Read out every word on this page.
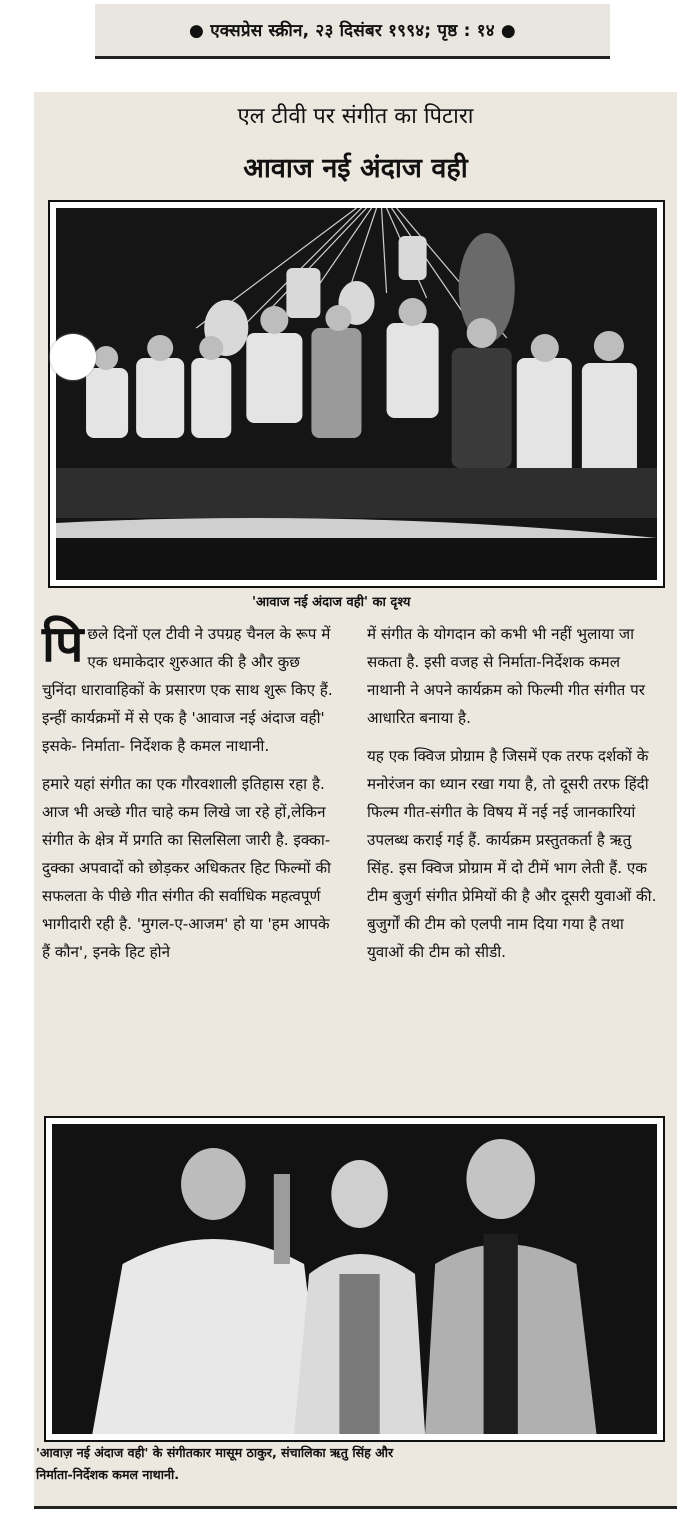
● एक्सप्रेस स्क्रीन, २३ दिसंबर १९९४; पृष्ठ : १४ ●
एल टीवी पर संगीत का पिटारा
आवाज नई अंदाज वही
'आवाज नई अंदाज वही' का दृश्य

पिछले दिनों एल टीवी ने उपग्रह चैनल के रूप में एक धमाकेदार शुरुआत की है और कुछ चुनिंदा धारावाहिकों के प्रसारण एक साथ शुरू किए हैं. इन्हीं कार्यक्रमों में से एक है 'आवाज नई अंदाज वही' इसके- निर्माता- निर्देशक है कमल नाथानी.

हमारे यहां संगीत का एक गौरवशाली इतिहास रहा है. आज भी अच्छे गीत चाहे कम लिखे जा रहे हों,लेकिन संगीत के क्षेत्र में प्रगति का सिलसिला जारी है. इक्का-दुक्का अपवादों को छोड़कर अधिकतर हिट फिल्मों की सफलता के पीछे गीत संगीत की सर्वाधिक महत्वपूर्ण भागीदारी रही है. 'मुगल-ए-आजम' हो या 'हम आपके हैं कौन', इनके हिट होने

में संगीत के योगदान को कभी भी नहीं भुलाया जा सकता है. इसी वजह से निर्माता-निर्देशक कमल नाथानी ने अपने कार्यक्रम को फिल्मी गीत संगीत पर आधारित बनाया है.

यह एक क्विज प्रोग्राम है जिसमें एक तरफ दर्शकों के मनोरंजन का ध्यान रखा गया है, तो दूसरी तरफ हिंदी फिल्म गीत-संगीत के विषय में नई नई जानकारियां उपलब्ध कराई गई हैं. कार्यक्रम प्रस्तुतकर्ता है ऋतु सिंह. इस क्विज प्रोग्राम में दो टीमें भाग लेती हैं. एक टीम बुजुर्ग संगीत प्रेमियों की है और दूसरी युवाओं की. बुजुर्गों की टीम को एलपी नाम दिया गया है तथा युवाओं की टीम को सीडी.

'आवाज़ नई अंदाज वही' के संगीतकार मासूम ठाकुर, संचालिका ऋतु सिंह और
निर्माता-निर्देशक कमल नाथानी.
